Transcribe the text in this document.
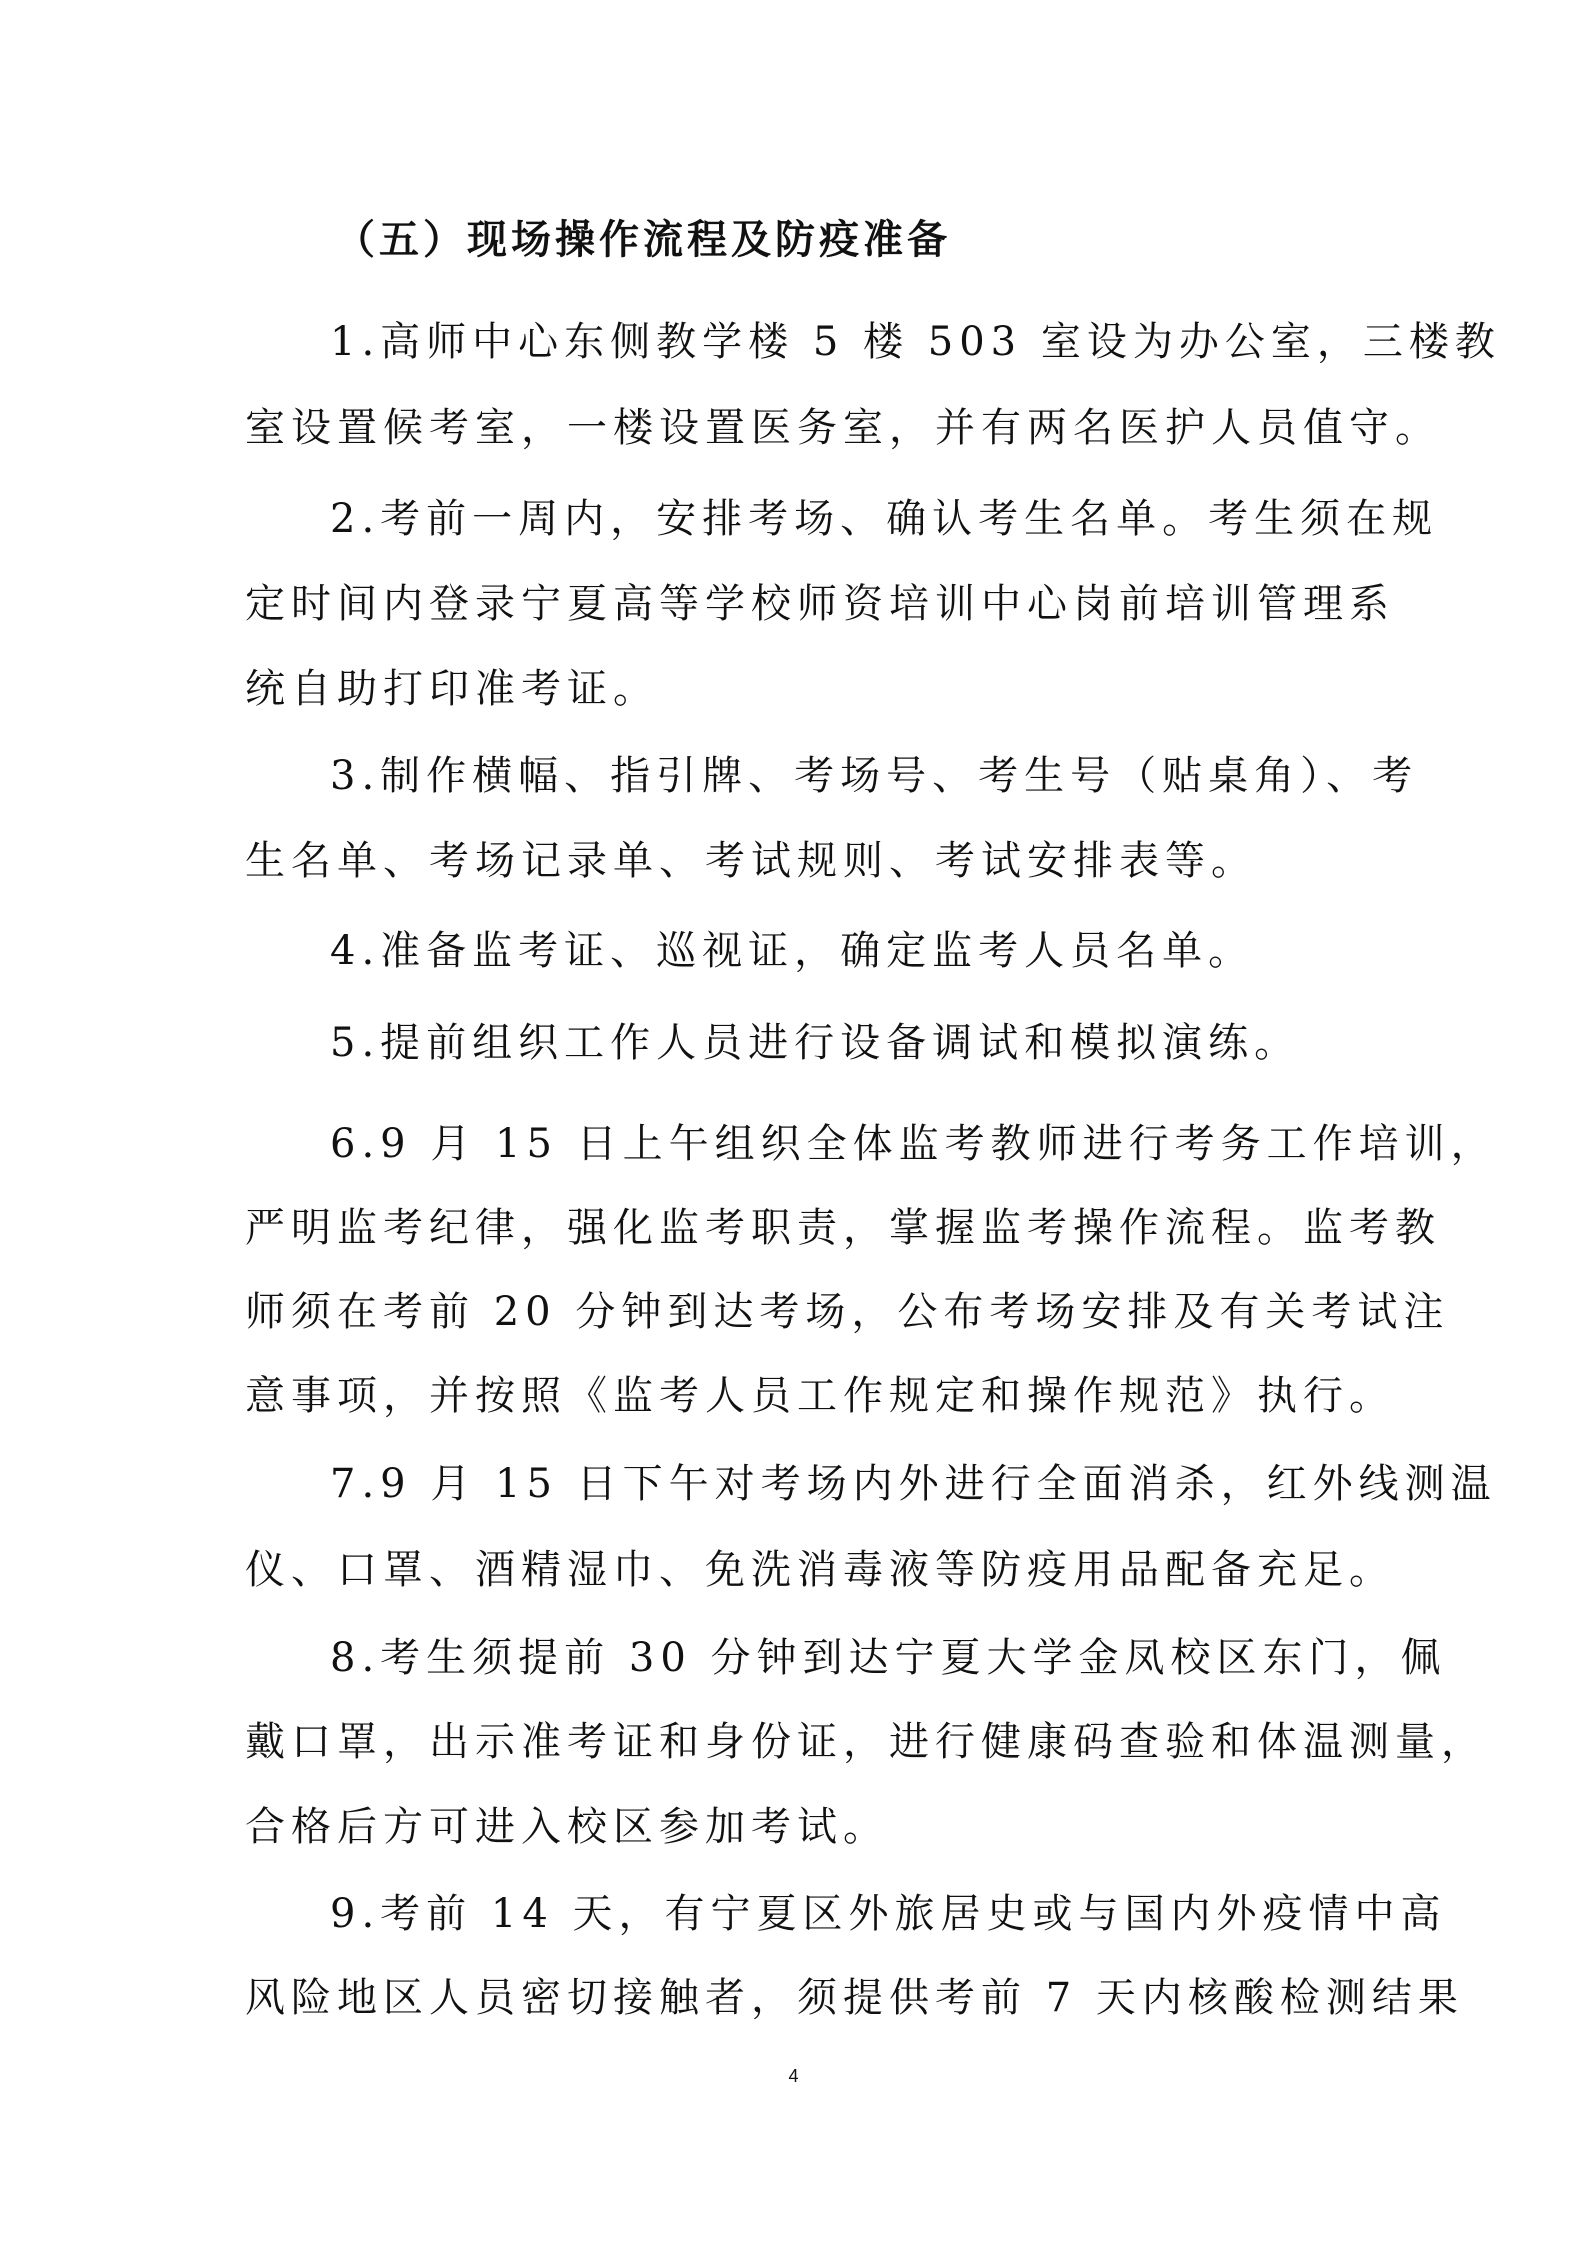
（五）现场操作流程及防疫准备

1.高师中心东侧教学楼 5 楼 503 室设为办公室，三楼教

室设置候考室，一楼设置医务室，并有两名医护人员值守。

2.考前一周内，安排考场、确认考生名单。考生须在规

定时间内登录宁夏高等学校师资培训中心岗前培训管理系

统自助打印准考证。

3.制作横幅、指引牌、考场号、考生号（贴桌角）、考

生名单、考场记录单、考试规则、考试安排表等。

4.准备监考证、巡视证，确定监考人员名单。

5.提前组织工作人员进行设备调试和模拟演练。

6.9 月 15 日上午组织全体监考教师进行考务工作培训，

严明监考纪律，强化监考职责，掌握监考操作流程。监考教

师须在考前 20 分钟到达考场，公布考场安排及有关考试注

意事项，并按照《监考人员工作规定和操作规范》执行。

7.9 月 15 日下午对考场内外进行全面消杀，红外线测温

仪、口罩、酒精湿巾、免洗消毒液等防疫用品配备充足。

8.考生须提前 30 分钟到达宁夏大学金凤校区东门，佩

戴口罩，出示准考证和身份证，进行健康码查验和体温测量，

合格后方可进入校区参加考试。

9.考前 14 天，有宁夏区外旅居史或与国内外疫情中高

风险地区人员密切接触者，须提供考前 7 天内核酸检测结果

4
